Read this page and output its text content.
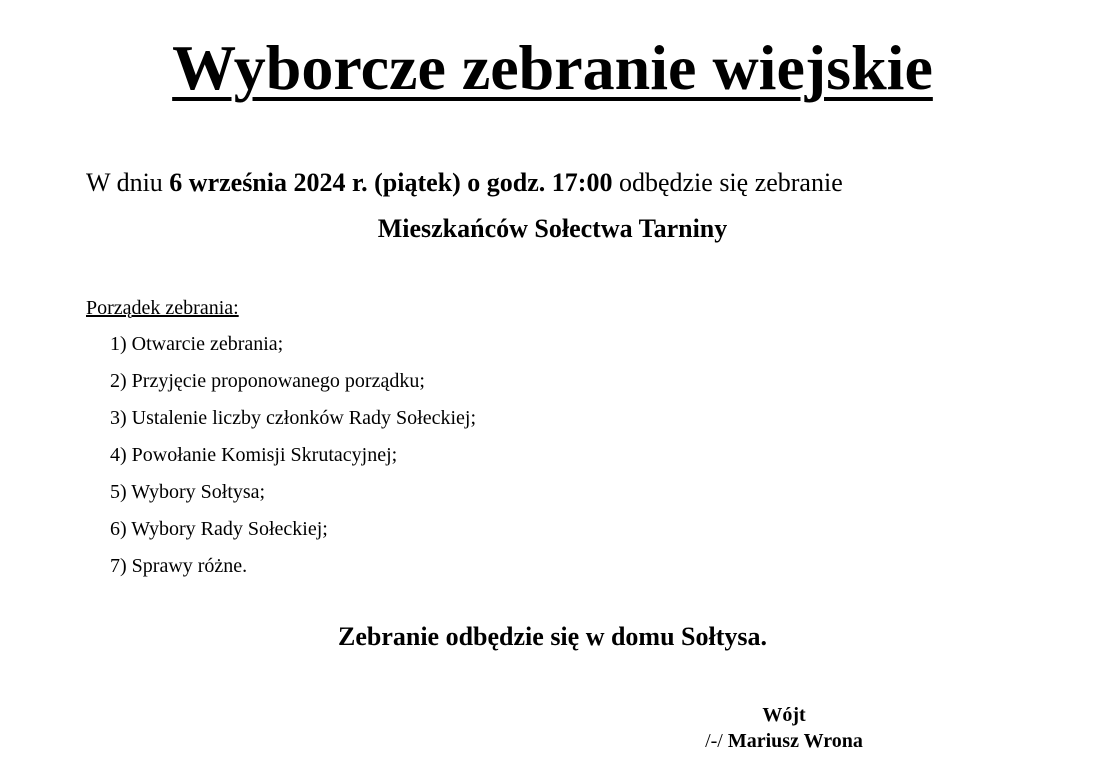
Wyborcze zebranie wiejskie

W dniu 6 września 2024 r. (piątek) o godz. 17:00 odbędzie się zebranie

Mieszkańców Sołectwa Tarniny

Porządek zebrania:

1) Otwarcie zebrania;
2) Przyjęcie proponowanego porządku;
3) Ustalenie liczby członków Rady Sołeckiej;
4) Powołanie Komisji Skrutacyjnej;
5) Wybory Sołtysa;
6) Wybory Rady Sołeckiej;
7) Sprawy różne.

Zebranie odbędzie się w domu Sołtysa.

Wójt
/-/ Mariusz Wrona
